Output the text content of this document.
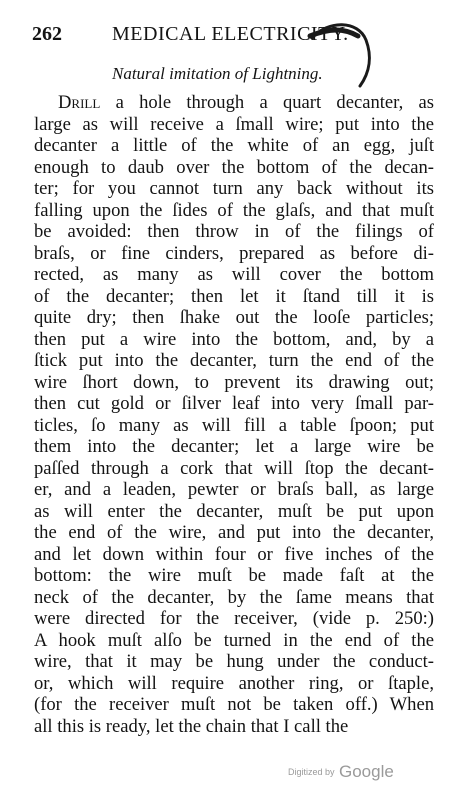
262	MEDICAL ELECTRICITY.
Natural imitation of Lightning.
Drill a hole through a quart decanter, as
large as will receive a ſmall wire; put into the
decanter a little of the white of an egg, juſt
enough to daub over the bottom of the decan-
ter; for you cannot turn any back without its
falling upon the ſides of the glaſs, and that muſt
be avoided: then throw in of the filings of
braſs, or fine cinders, prepared as before di-
rected, as many as will cover the bottom
of the decanter; then let it ſtand till it is
quite dry; then ſhake out the looſe particles;
then put a wire into the bottom, and, by a
ſtick put into the decanter, turn the end of the
wire ſhort down, to prevent its drawing out;
then cut gold or ſilver leaf into very ſmall par-
ticles, ſo many as will fill a table ſpoon; put
them into the decanter; let a large wire be
paſſed through a cork that will ſtop the decant-
er, and a leaden, pewter or braſs ball, as large
as will enter the decanter, muſt be put upon
the end of the wire, and put into the decanter,
and let down within four or five inches of the
bottom: the wire muſt be made faſt at the
neck of the decanter, by the ſame means that
were directed for the receiver, (vide p. 250:)
A hook muſt alſo be turned in the end of the
wire, that it may be hung under the conduct-
or, which will require another ring, or ſtaple,
(for the receiver muſt not be taken off.) When
all this is ready, let the chain that I call the
Digitized by Google
